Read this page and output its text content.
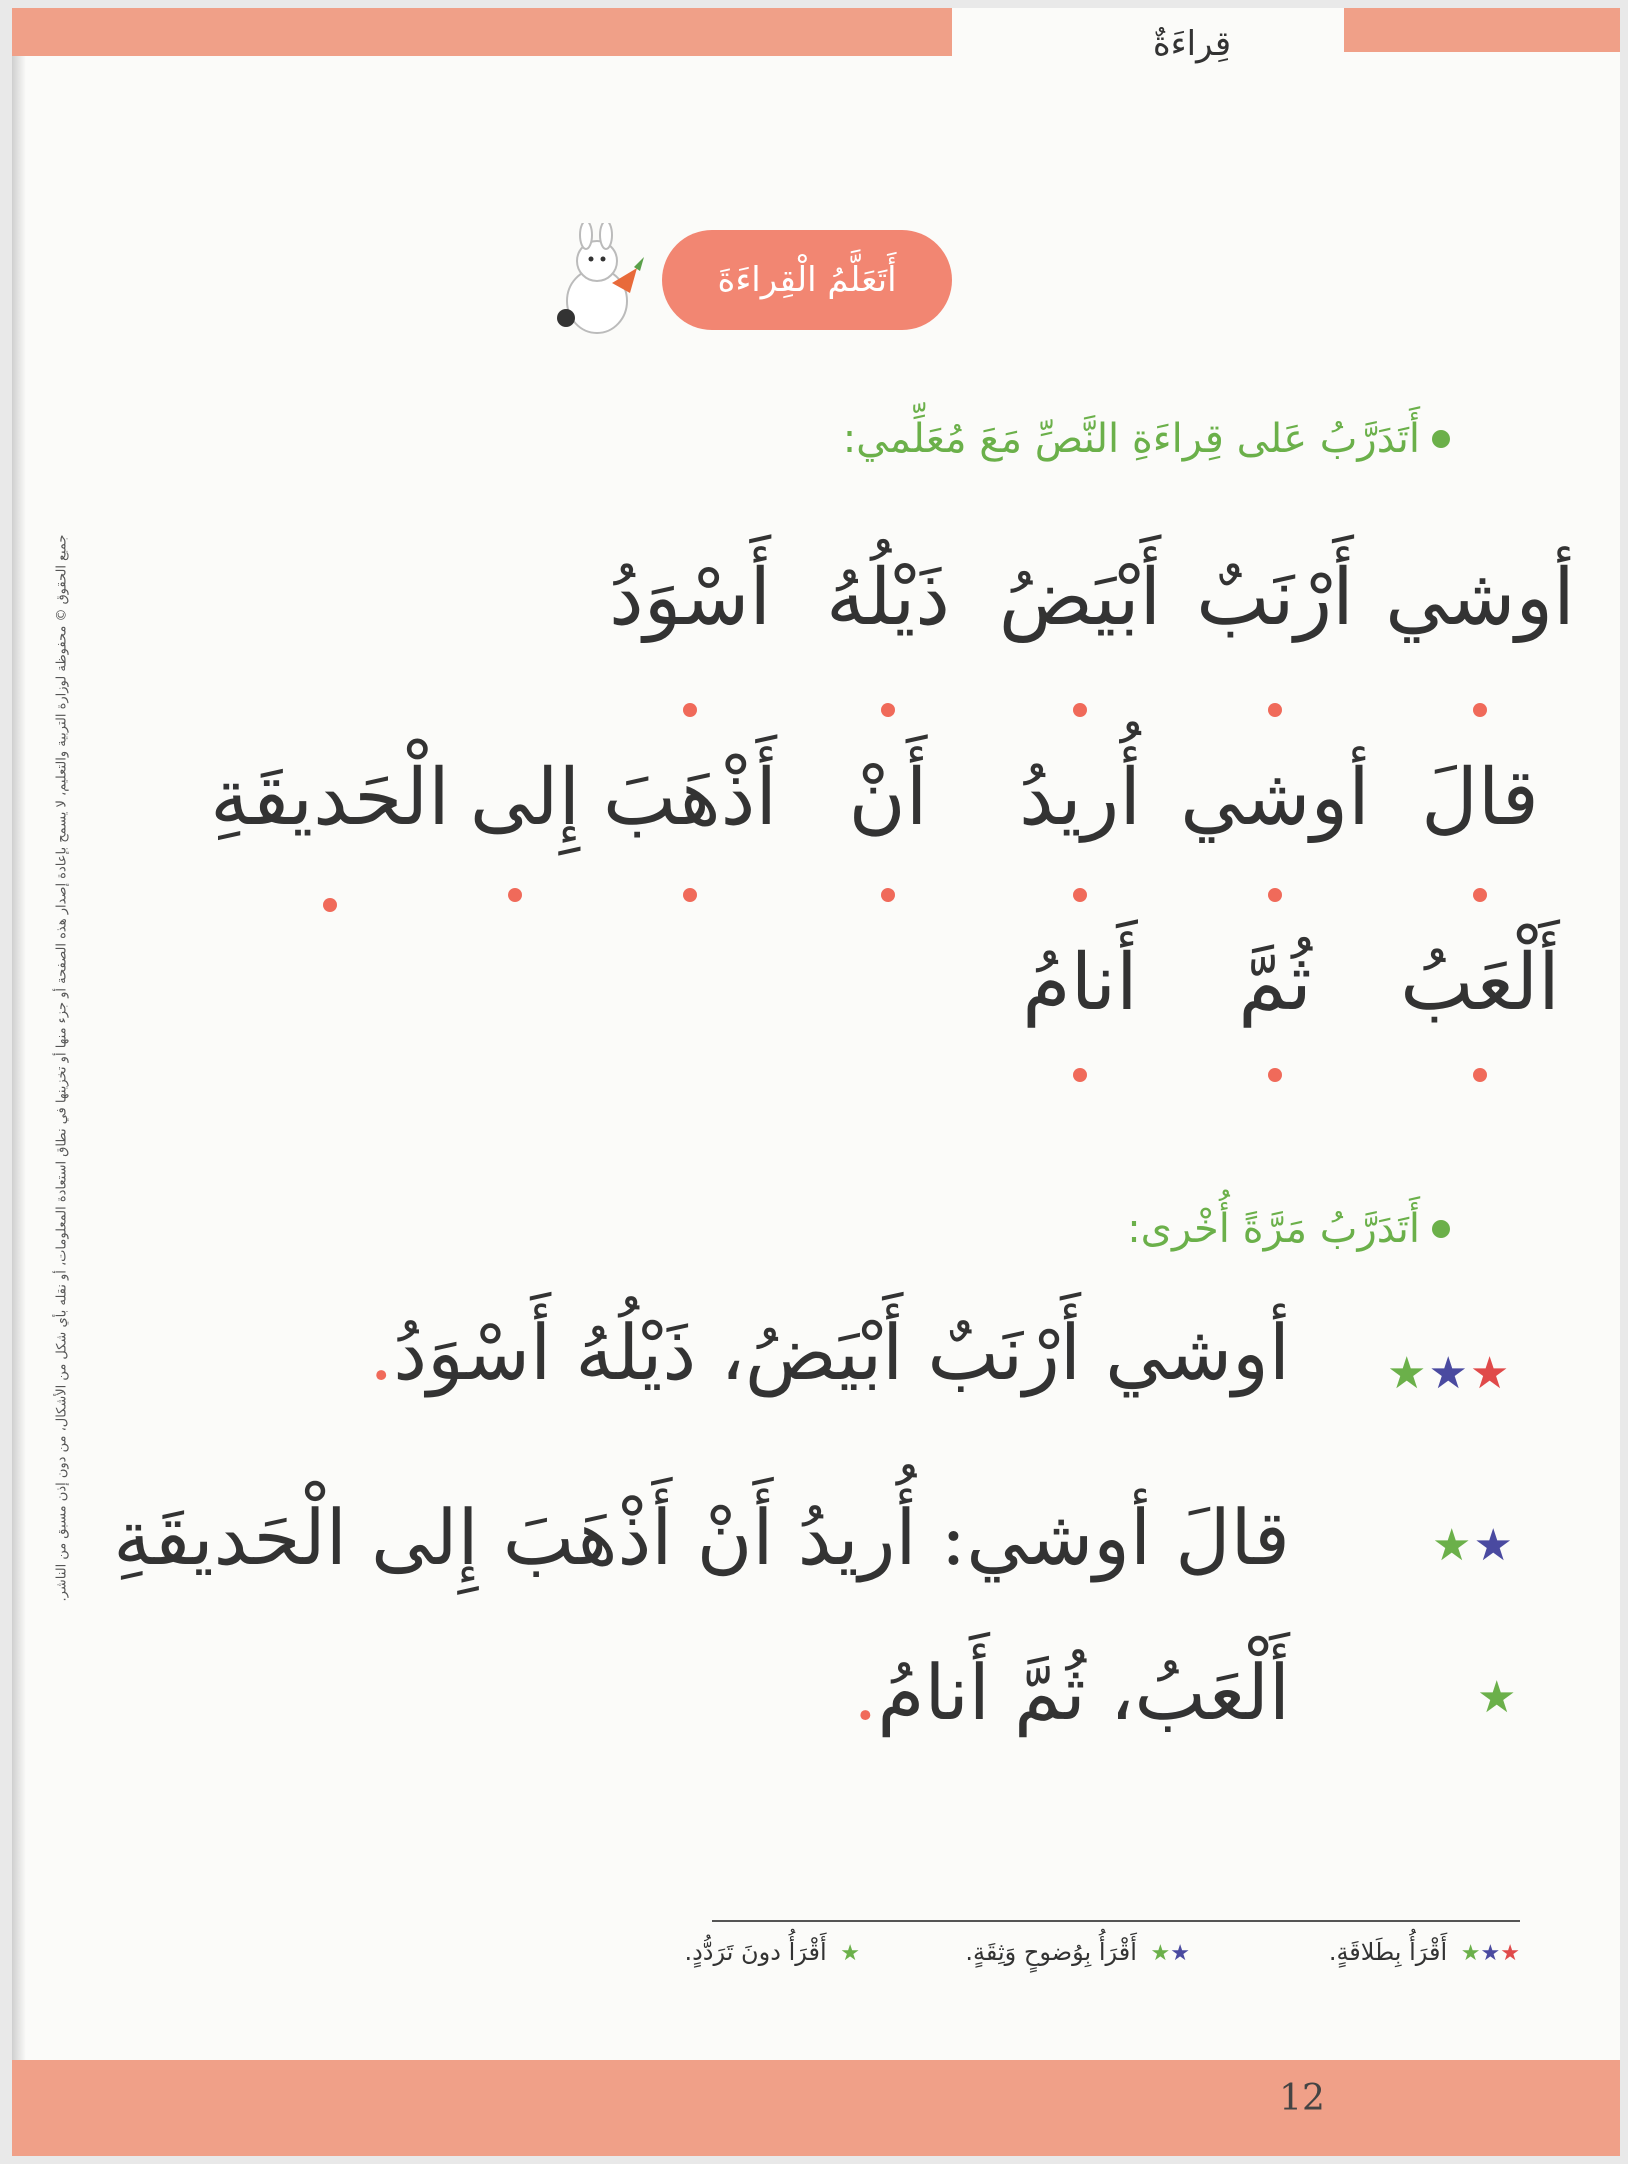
قِراءَةٌ
جميع الحقوق © محفوظة لوزارة التربية والتعليم، لا يسمح بإعادة إصدار هذه الصفحة أو جزء منها أو تخزينها في نطاق استعادة المعلومات، أو نقله بأي شكل من الأشكال، من دون إذن مسبق من الناشر.
أَتَعَلَّمُ الْقِراءَةَ
أَتَدَرَّبُ عَلى قِراءَةِ النَّصِّ مَعَ مُعَلِّمي:
أوشي
أَرْنَبٌ
أَبْيَضُ
ذَيْلُهُ
أَسْوَدُ
قالَ
أوشي
أُريدُ
أَنْ
أَذْهَبَ
إِلى
الْحَديقَةِ
أَلْعَبُ
ثُمَّ
أَنامُ
أَتَدَرَّبُ مَرَّةً أُخْرى:
أوشي أَرْنَبٌ أَبْيَضُ، ذَيْلُهُ أَسْوَدُ.	★★★
قالَ أوشي: أُريدُ أَنْ أَذْهَبَ إِلى الْحَديقَةِ	★★
أَلْعَبُ، ثُمَّ أَنامُ.	★
★★★ أَقْرَأُ بِطَلاقَةٍ.
★★ أَقْرَأُ بِوُضوحٍ وَثِقَةٍ.
★ أَقْرَأُ دونَ تَرَدُّدٍ.
12
